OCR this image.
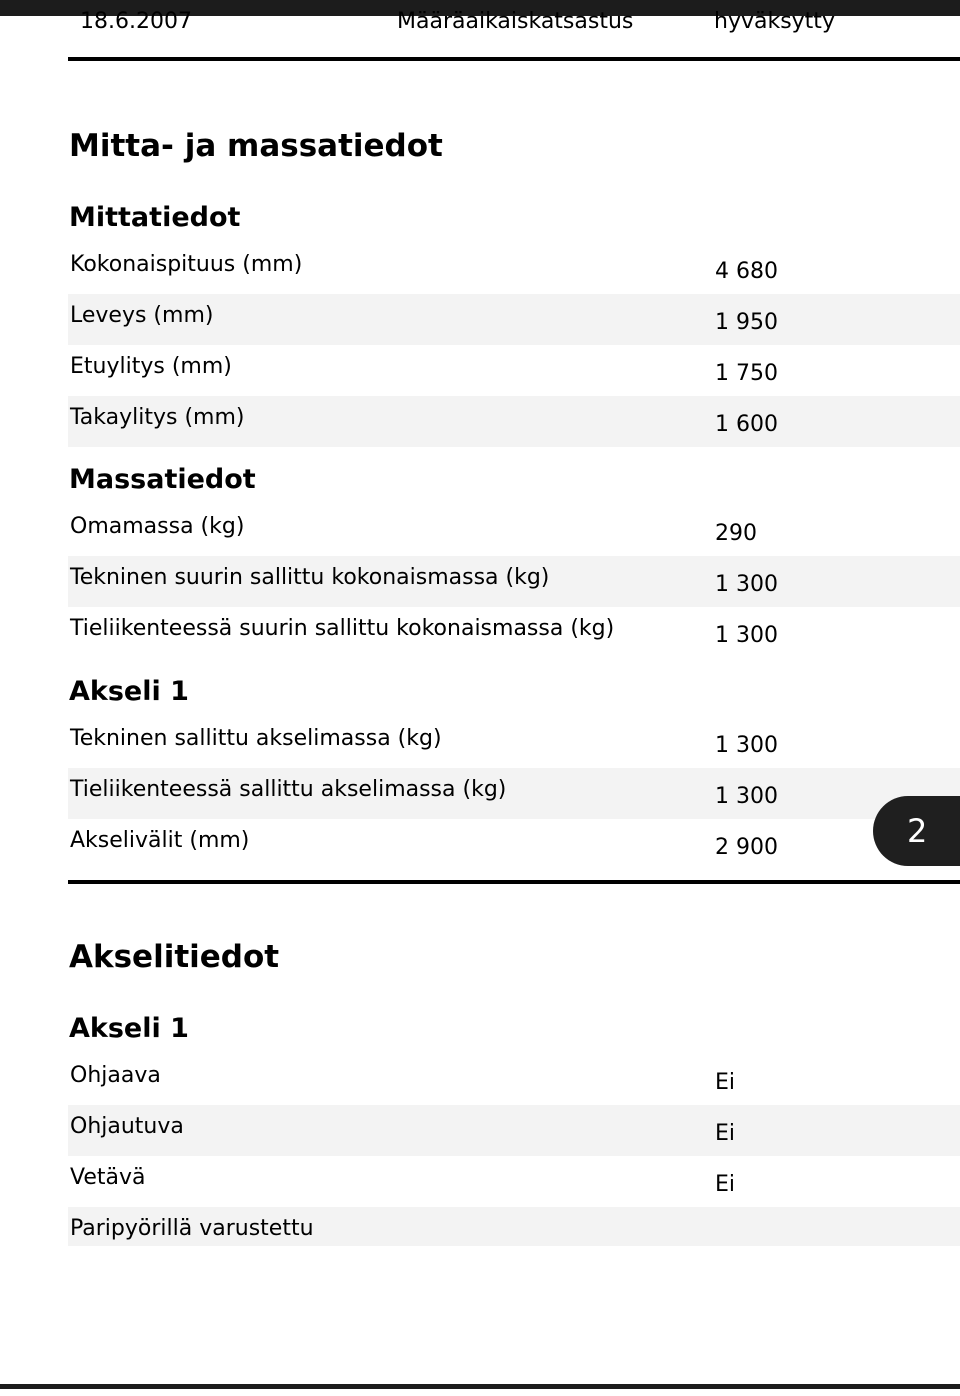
18.6.2007	Määräaikaiskatsastus	hyväksytty
Mitta- ja massatiedot
Mittatiedot
Kokonaispituus (mm)	4 680
Leveys (mm)	1 950
Etuylitys (mm)	1 750
Takaylitys (mm)	1 600
Massatiedot
Omamassa (kg)	290
Tekninen suurin sallittu kokonaismassa (kg)	1 300
Tieliikenteessä suurin sallittu kokonaismassa (kg)	1 300
Akseli 1
Tekninen sallittu akselimassa (kg)	1 300
Tieliikenteessä sallittu akselimassa (kg)	1 300
Akselivälit (mm)	2 900	2
Akselitiedot
Akseli 1
Ohjaava	Ei
Ohjautuva	Ei
Vetävä	Ei
Paripyörillä varustettu
